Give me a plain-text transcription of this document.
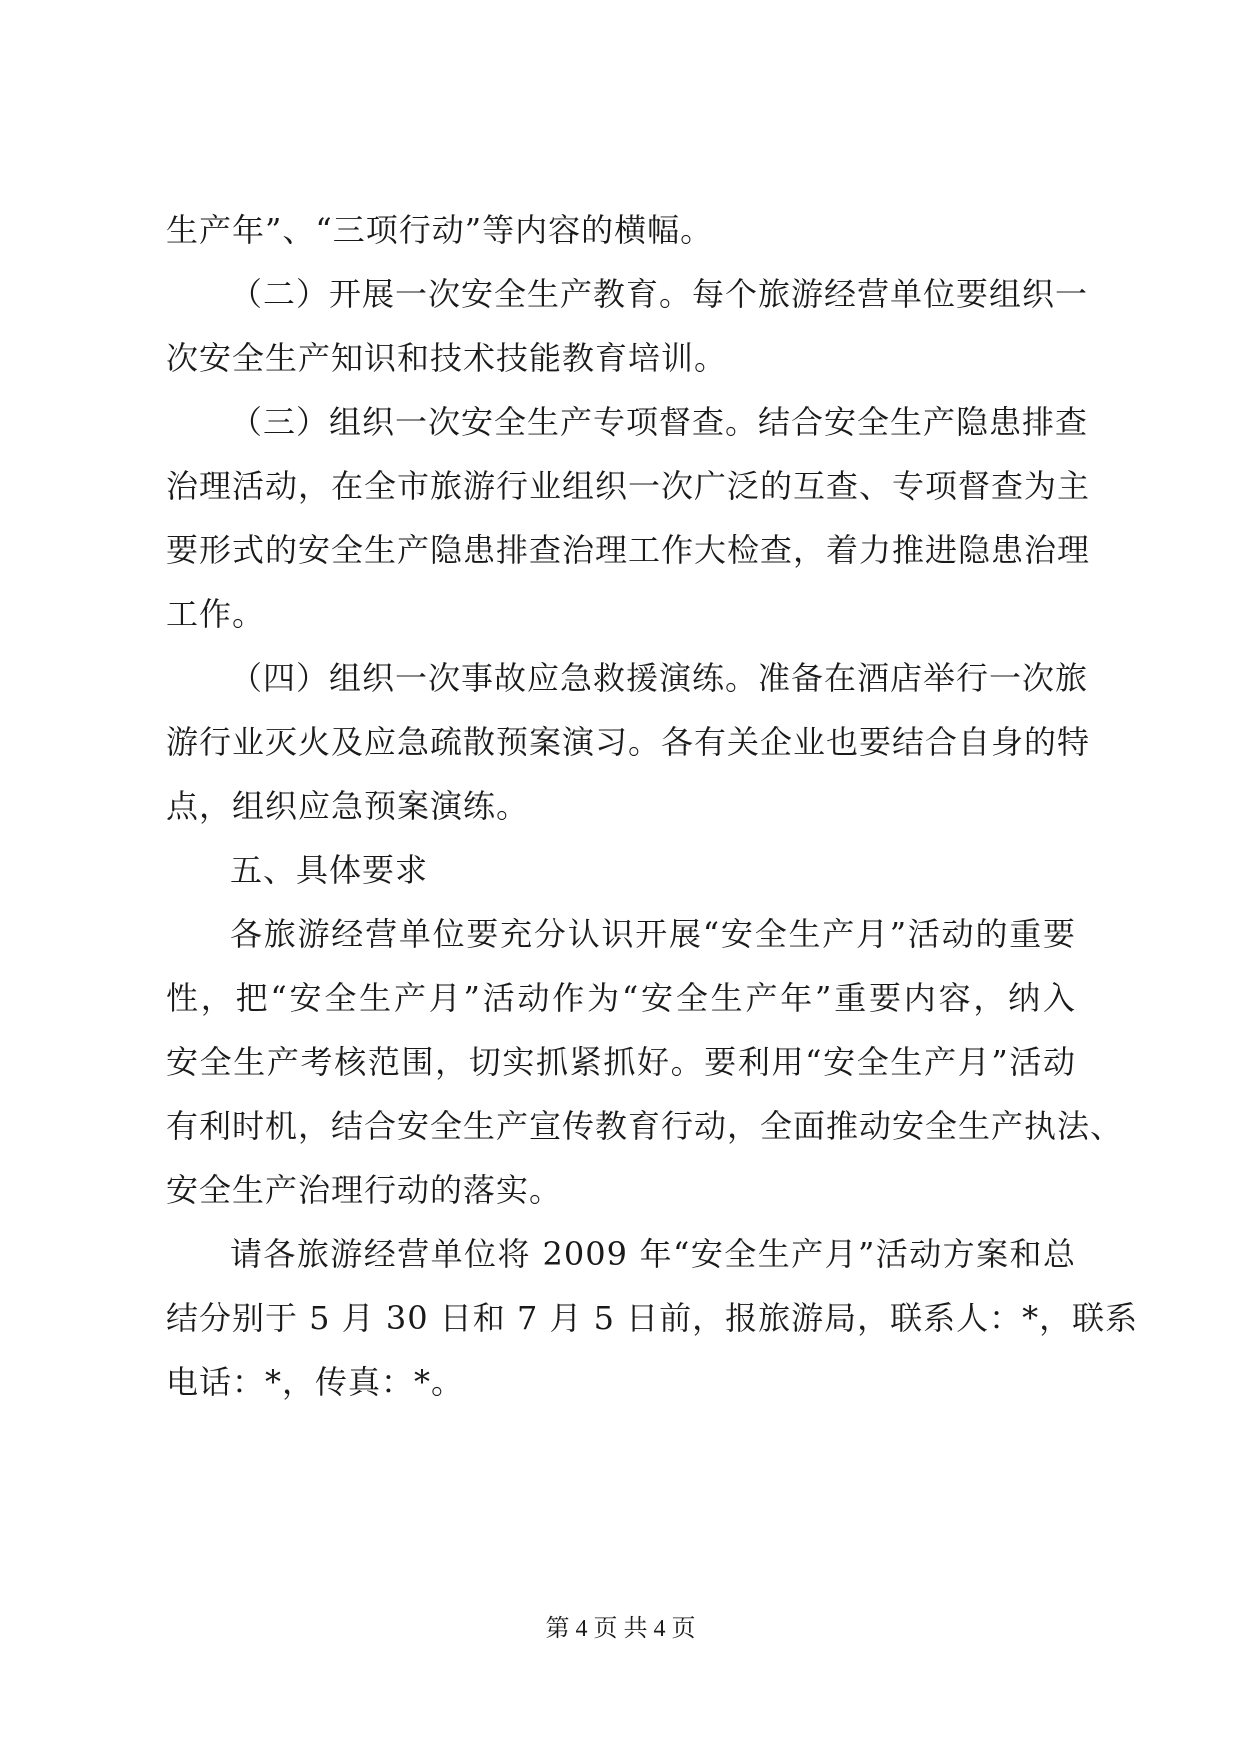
生产年”、“三项行动”等内容的横幅。
（二）开展一次安全生产教育。每个旅游经营单位要组织一
次安全生产知识和技术技能教育培训。
（三）组织一次安全生产专项督查。结合安全生产隐患排查
治理活动，在全市旅游行业组织一次广泛的互查、专项督查为主
要形式的安全生产隐患排查治理工作大检查，着力推进隐患治理
工作。
（四）组织一次事故应急救援演练。准备在酒店举行一次旅
游行业灭火及应急疏散预案演习。各有关企业也要结合自身的特
点，组织应急预案演练。
五、具体要求
各旅游经营单位要充分认识开展“安全生产月”活动的重要
性，把“安全生产月”活动作为“安全生产年”重要内容，纳入
安全生产考核范围，切实抓紧抓好。要利用“安全生产月”活动
有利时机，结合安全生产宣传教育行动，全面推动安全生产执法、
安全生产治理行动的落实。
请各旅游经营单位将 2009 年“安全生产月”活动方案和总
结分别于 5 月 30 日和 7 月 5 日前，报旅游局，联系人：*，联系
电话：*，传真：*。
第 4 页 共 4 页
